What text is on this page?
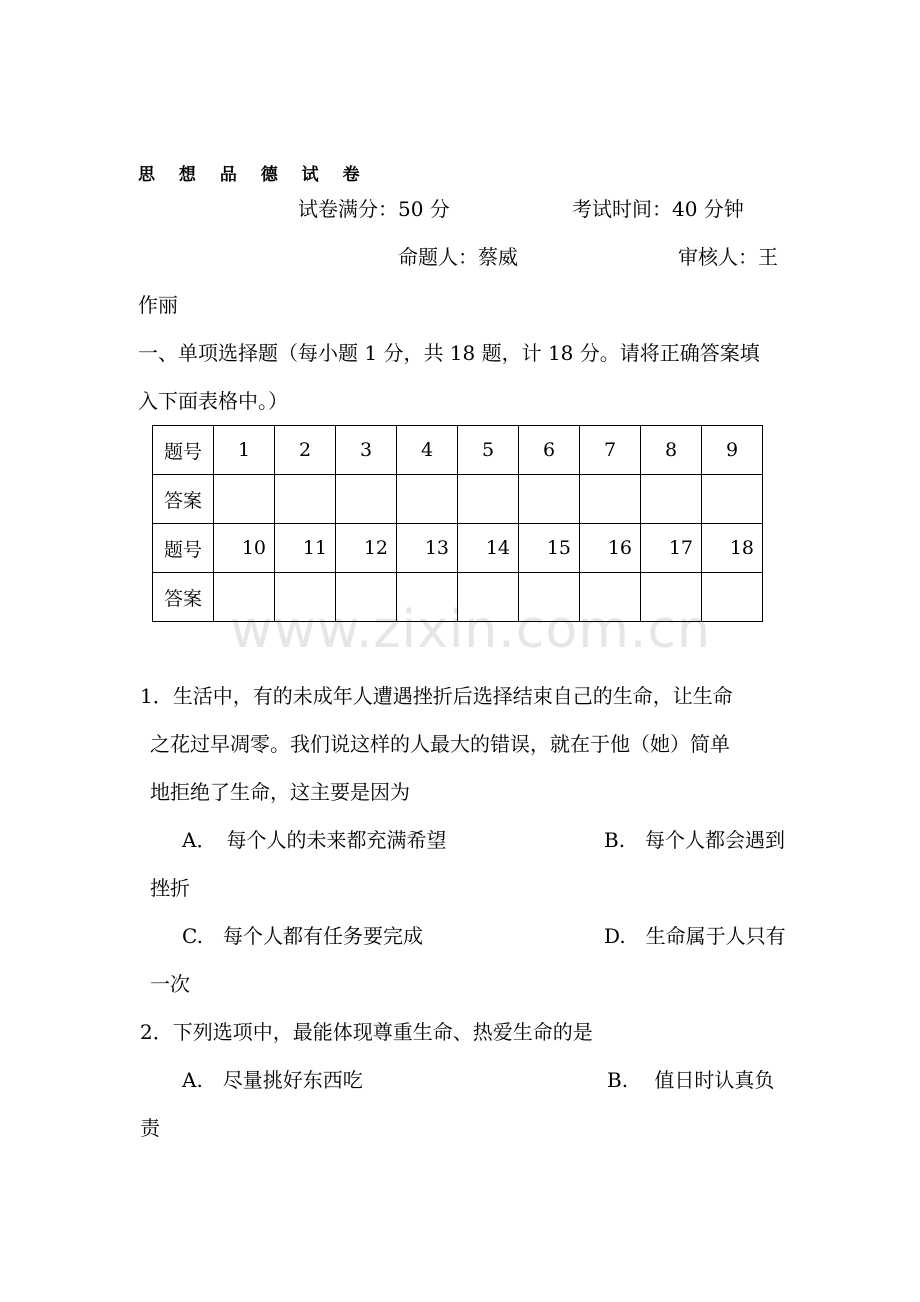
www.zixin.com.cn
思 想 品 德 试 卷
试卷满分：50 分	考试时间：40 分钟
命题人：蔡威	审核人：王
作丽
一、单项选择题（每小题 1 分，共 18 题，计 18 分。请将正确答案填
入下面表格中。）
题号	1	2	3	4	5	6	7	8	9
答案									
题号	10	11	12	13	14	15	16	17	18
答案									
1．生活中，有的未成年人遭遇挫折后选择结束自己的生命，让生命
之花过早凋零。我们说这样的人最大的错误，就在于他（她）简单
地拒绝了生命，这主要是因为
A．　每个人的未来都充满希望	B.　每个人都会遇到
挫折
C.　每个人都有任务要完成	D.　生命属于人只有
一次
2．下列选项中，最能体现尊重生命、热爱生命的是
A.　尽量挑好东西吃	B.　 值日时认真负
责
